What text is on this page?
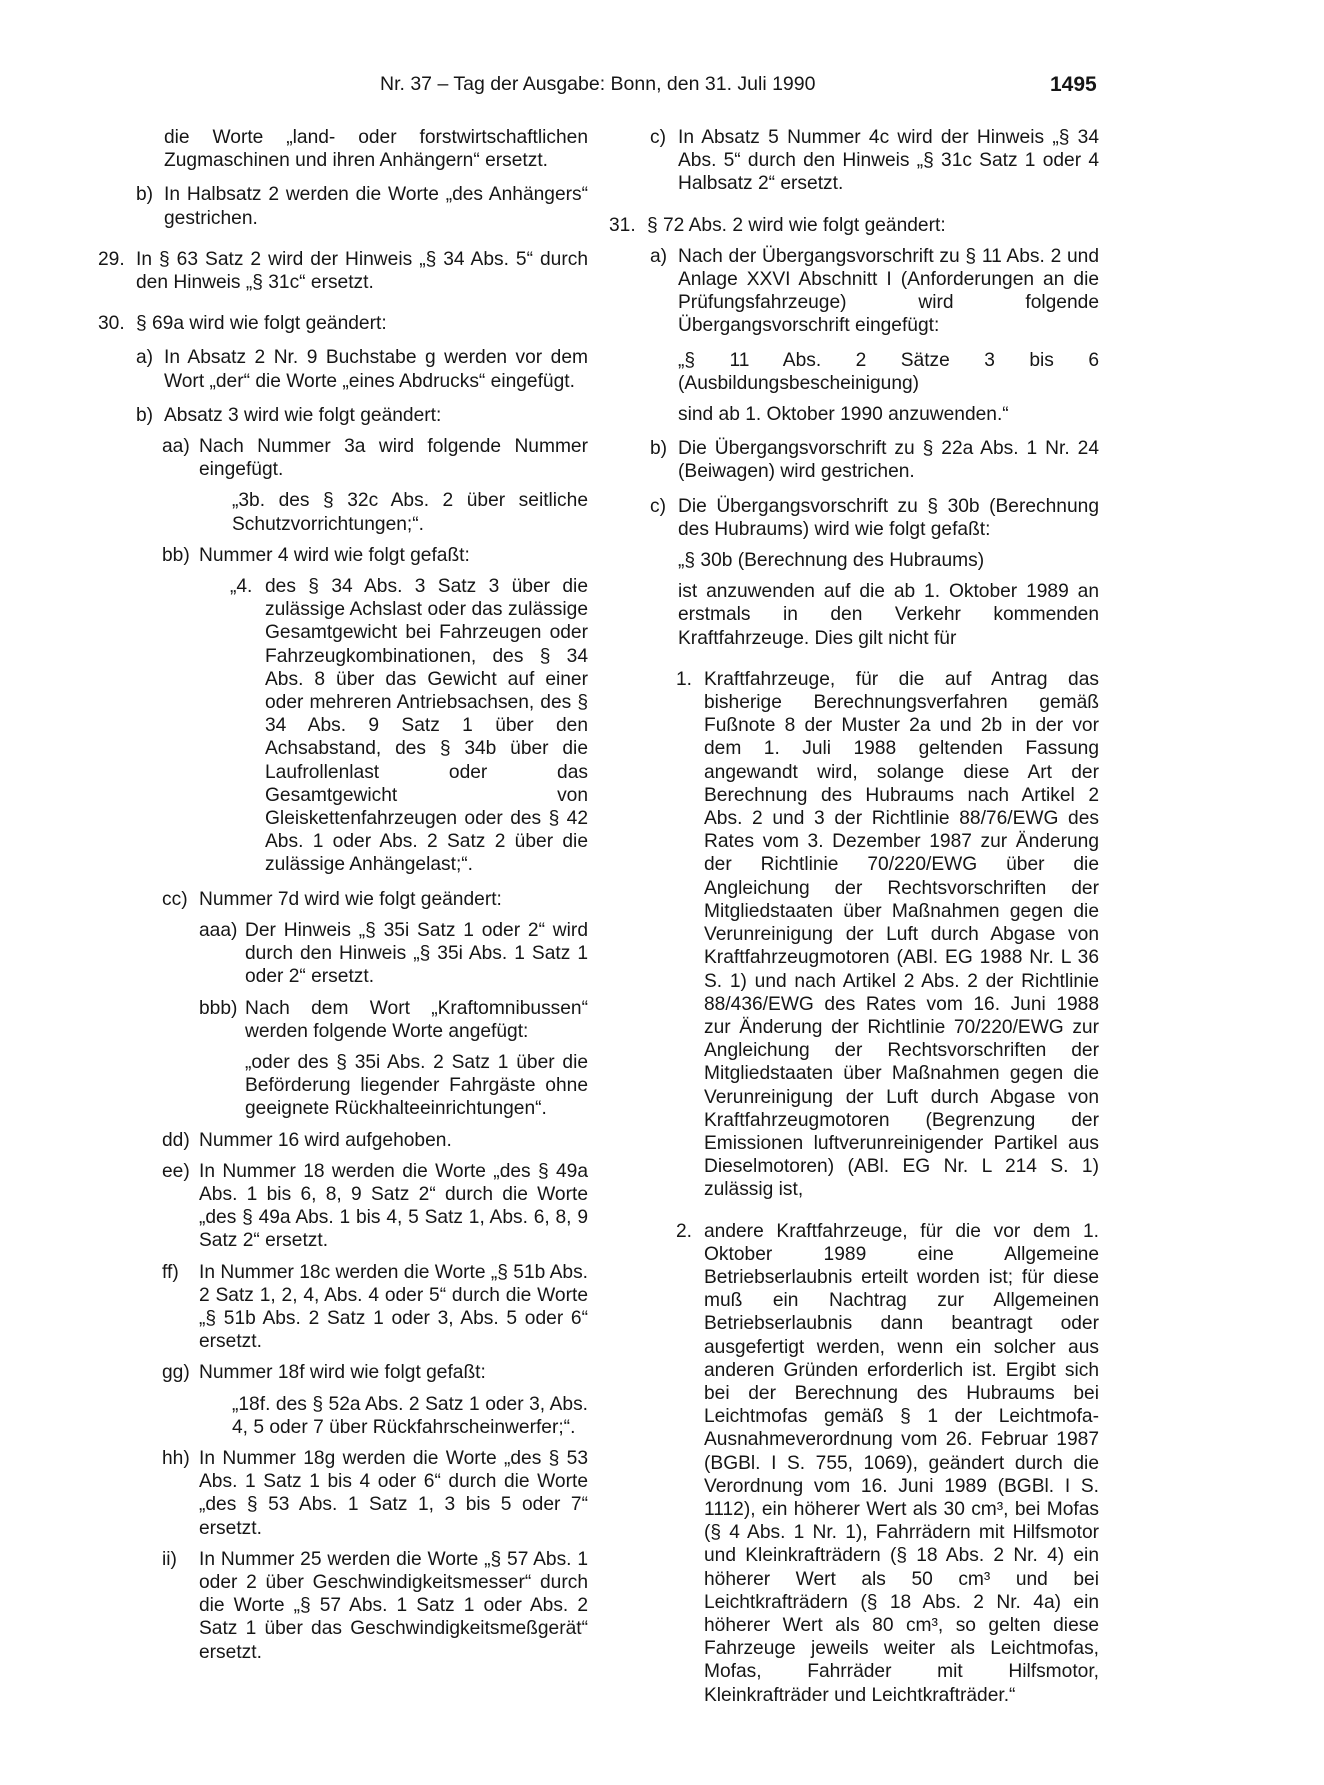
Nr. 37 – Tag der Ausgabe: Bonn, den 31. Juli 1990	1495
die Worte „land- oder forstwirtschaftlichen Zugmaschinen und ihren Anhängern“ ersetzt.
b) In Halbsatz 2 werden die Worte „des Anhängers“ gestrichen.
29. In § 63 Satz 2 wird der Hinweis „§ 34 Abs. 5“ durch den Hinweis „§ 31c“ ersetzt.
30. § 69a wird wie folgt geändert:
a) In Absatz 2 Nr. 9 Buchstabe g werden vor dem Wort „der“ die Worte „eines Abdrucks“ eingefügt.
b) Absatz 3 wird wie folgt geändert:
aa) Nach Nummer 3a wird folgende Nummer eingefügt.
„3b. des § 32c Abs. 2 über seitliche Schutzvorrichtungen;“.
bb) Nummer 4 wird wie folgt gefaßt:
„4. des § 34 Abs. 3 Satz 3 über die zulässige Achslast oder das zulässige Gesamtgewicht bei Fahrzeugen oder Fahrzeugkombinationen, des § 34 Abs. 8 über das Gewicht auf einer oder mehreren Antriebsachsen, des § 34 Abs. 9 Satz 1 über den Achsabstand, des § 34b über die Laufrollenlast oder das Gesamtgewicht von Gleiskettenfahrzeugen oder des § 42 Abs. 1 oder Abs. 2 Satz 2 über die zulässige Anhängelast;“.
cc) Nummer 7d wird wie folgt geändert:
aaa) Der Hinweis „§ 35i Satz 1 oder 2“ wird durch den Hinweis „§ 35i Abs. 1 Satz 1 oder 2“ ersetzt.
bbb) Nach dem Wort „Kraftomnibussen“ werden folgende Worte angefügt:
„oder des § 35i Abs. 2 Satz 1 über die Beförderung liegender Fahrgäste ohne geeignete Rückhalteeinrichtungen“.
dd) Nummer 16 wird aufgehoben.
ee) In Nummer 18 werden die Worte „des § 49a Abs. 1 bis 6, 8, 9 Satz 2“ durch die Worte „des § 49a Abs. 1 bis 4, 5 Satz 1, Abs. 6, 8, 9 Satz 2“ ersetzt.
ff) In Nummer 18c werden die Worte „§ 51b Abs. 2 Satz 1, 2, 4, Abs. 4 oder 5“ durch die Worte „§ 51b Abs. 2 Satz 1 oder 3, Abs. 5 oder 6“ ersetzt.
gg) Nummer 18f wird wie folgt gefaßt:
„18f. des § 52a Abs. 2 Satz 1 oder 3, Abs. 4, 5 oder 7 über Rückfahrscheinwerfer;“.
hh) In Nummer 18g werden die Worte „des § 53 Abs. 1 Satz 1 bis 4 oder 6“ durch die Worte „des § 53 Abs. 1 Satz 1, 3 bis 5 oder 7“ ersetzt.
ii) In Nummer 25 werden die Worte „§ 57 Abs. 1 oder 2 über Geschwindigkeitsmesser“ durch die Worte „§ 57 Abs. 1 Satz 1 oder Abs. 2 Satz 1 über das Geschwindigkeitsmeßgerät“ ersetzt.
c) In Absatz 5 Nummer 4c wird der Hinweis „§ 34 Abs. 5“ durch den Hinweis „§ 31c Satz 1 oder 4 Halbsatz 2“ ersetzt.
31. § 72 Abs. 2 wird wie folgt geändert:
a) Nach der Übergangsvorschrift zu § 11 Abs. 2 und Anlage XXVI Abschnitt I (Anforderungen an die Prüfungsfahrzeuge) wird folgende Übergangsvorschrift eingefügt:
„§ 11 Abs. 2 Sätze 3 bis 6 (Ausbildungsbescheinigung)
sind ab 1. Oktober 1990 anzuwenden.“
b) Die Übergangsvorschrift zu § 22a Abs. 1 Nr. 24 (Beiwagen) wird gestrichen.
c) Die Übergangsvorschrift zu § 30b (Berechnung des Hubraums) wird wie folgt gefaßt:
„§ 30b (Berechnung des Hubraums)
ist anzuwenden auf die ab 1. Oktober 1989 an erstmals in den Verkehr kommenden Kraftfahrzeuge. Dies gilt nicht für
1. Kraftfahrzeuge, für die auf Antrag das bisherige Berechnungsverfahren gemäß Fußnote 8 der Muster 2a und 2b in der vor dem 1. Juli 1988 geltenden Fassung angewandt wird, solange diese Art der Berechnung des Hubraums nach Artikel 2 Abs. 2 und 3 der Richtlinie 88/76/EWG des Rates vom 3. Dezember 1987 zur Änderung der Richtlinie 70/220/EWG über die Angleichung der Rechtsvorschriften der Mitgliedstaaten über Maßnahmen gegen die Verunreinigung der Luft durch Abgase von Kraftfahrzeugmotoren (ABl. EG 1988 Nr. L 36 S. 1) und nach Artikel 2 Abs. 2 der Richtlinie 88/436/EWG des Rates vom 16. Juni 1988 zur Änderung der Richtlinie 70/220/EWG zur Angleichung der Rechtsvorschriften der Mitgliedstaaten über Maßnahmen gegen die Verunreinigung der Luft durch Abgase von Kraftfahrzeugmotoren (Begrenzung der Emissionen luftverunreinigender Partikel aus Dieselmotoren) (ABl. EG Nr. L 214 S. 1) zulässig ist,
2. andere Kraftfahrzeuge, für die vor dem 1. Oktober 1989 eine Allgemeine Betriebserlaubnis erteilt worden ist; für diese muß ein Nachtrag zur Allgemeinen Betriebserlaubnis dann beantragt oder ausgefertigt werden, wenn ein solcher aus anderen Gründen erforderlich ist. Ergibt sich bei der Berechnung des Hubraums bei Leichtmofas gemäß § 1 der Leichtmofa-Ausnahmeverordnung vom 26. Februar 1987 (BGBl. I S. 755, 1069), geändert durch die Verordnung vom 16. Juni 1989 (BGBl. I S. 1112), ein höherer Wert als 30 cm³, bei Mofas (§ 4 Abs. 1 Nr. 1), Fahrrädern mit Hilfsmotor und Kleinkrafträdern (§ 18 Abs. 2 Nr. 4) ein höherer Wert als 50 cm³ und bei Leichtkrafträdern (§ 18 Abs. 2 Nr. 4a) ein höherer Wert als 80 cm³, so gelten diese Fahrzeuge jeweils weiter als Leichtmofas, Mofas, Fahrräder mit Hilfsmotor, Kleinkrafträder und Leichtkrafträder.“
